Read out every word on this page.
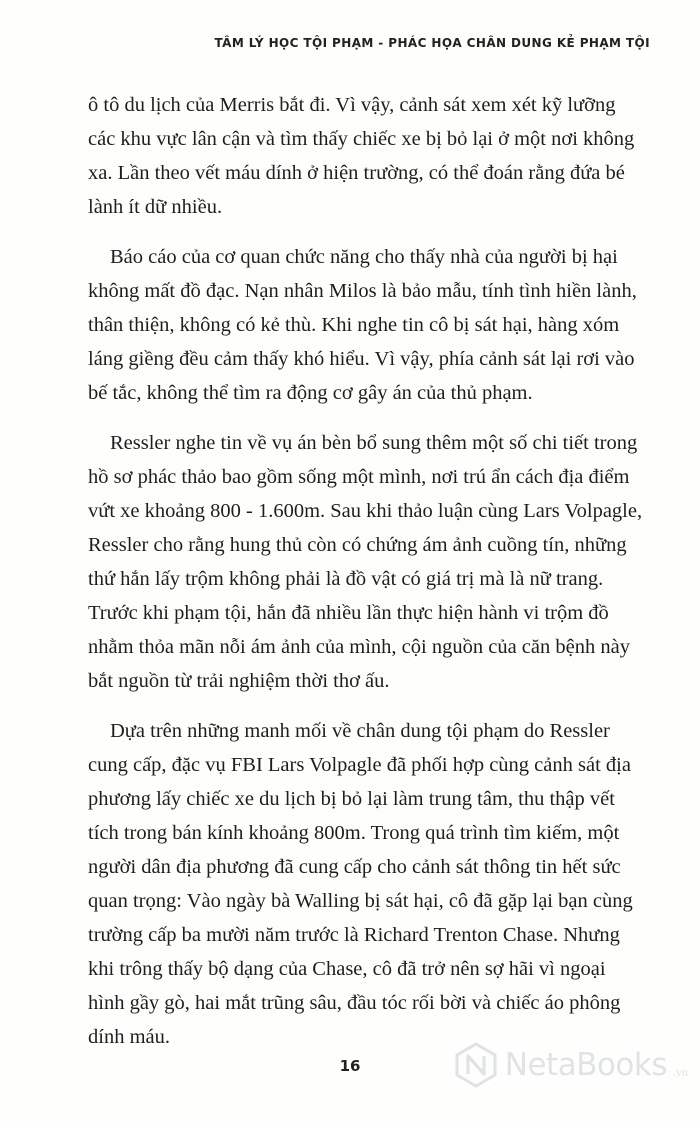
TÂM LÝ HỌC TỘI PHẠM - PHÁC HỌA CHÂN DUNG KẺ PHẠM TỘI

ô tô du lịch của Merris bắt đi. Vì vậy, cảnh sát xem xét kỹ lưỡng
các khu vực lân cận và tìm thấy chiếc xe bị bỏ lại ở một nơi không
xa. Lần theo vết máu dính ở hiện trường, có thể đoán rằng đứa bé
lành ít dữ nhiều.

Báo cáo của cơ quan chức năng cho thấy nhà của người bị hại
không mất đồ đạc. Nạn nhân Milos là bảo mẫu, tính tình hiền lành,
thân thiện, không có kẻ thù. Khi nghe tin cô bị sát hại, hàng xóm
láng giềng đều cảm thấy khó hiểu. Vì vậy, phía cảnh sát lại rơi vào
bế tắc, không thể tìm ra động cơ gây án của thủ phạm.

Ressler nghe tin về vụ án bèn bổ sung thêm một số chi tiết trong
hồ sơ phác thảo bao gồm sống một mình, nơi trú ẩn cách địa điểm
vứt xe khoảng 800 - 1.600m. Sau khi thảo luận cùng Lars Volpagle,
Ressler cho rằng hung thủ còn có chứng ám ảnh cuồng tín, những
thứ hắn lấy trộm không phải là đồ vật có giá trị mà là nữ trang.
Trước khi phạm tội, hắn đã nhiều lần thực hiện hành vi trộm đồ
nhằm thỏa mãn nỗi ám ảnh của mình, cội nguồn của căn bệnh này
bắt nguồn từ trải nghiệm thời thơ ấu.

Dựa trên những manh mối về chân dung tội phạm do Ressler
cung cấp, đặc vụ FBI Lars Volpagle đã phối hợp cùng cảnh sát địa
phương lấy chiếc xe du lịch bị bỏ lại làm trung tâm, thu thập vết
tích trong bán kính khoảng 800m. Trong quá trình tìm kiếm, một
người dân địa phương đã cung cấp cho cảnh sát thông tin hết sức
quan trọng: Vào ngày bà Walling bị sát hại, cô đã gặp lại bạn cùng
trường cấp ba mười năm trước là Richard Trenton Chase. Nhưng
khi trông thấy bộ dạng của Chase, cô đã trở nên sợ hãi vì ngoại
hình gầy gò, hai mắt trũng sâu, đầu tóc rối bời và chiếc áo phông
dính máu.

16	NetaBooks .vn
